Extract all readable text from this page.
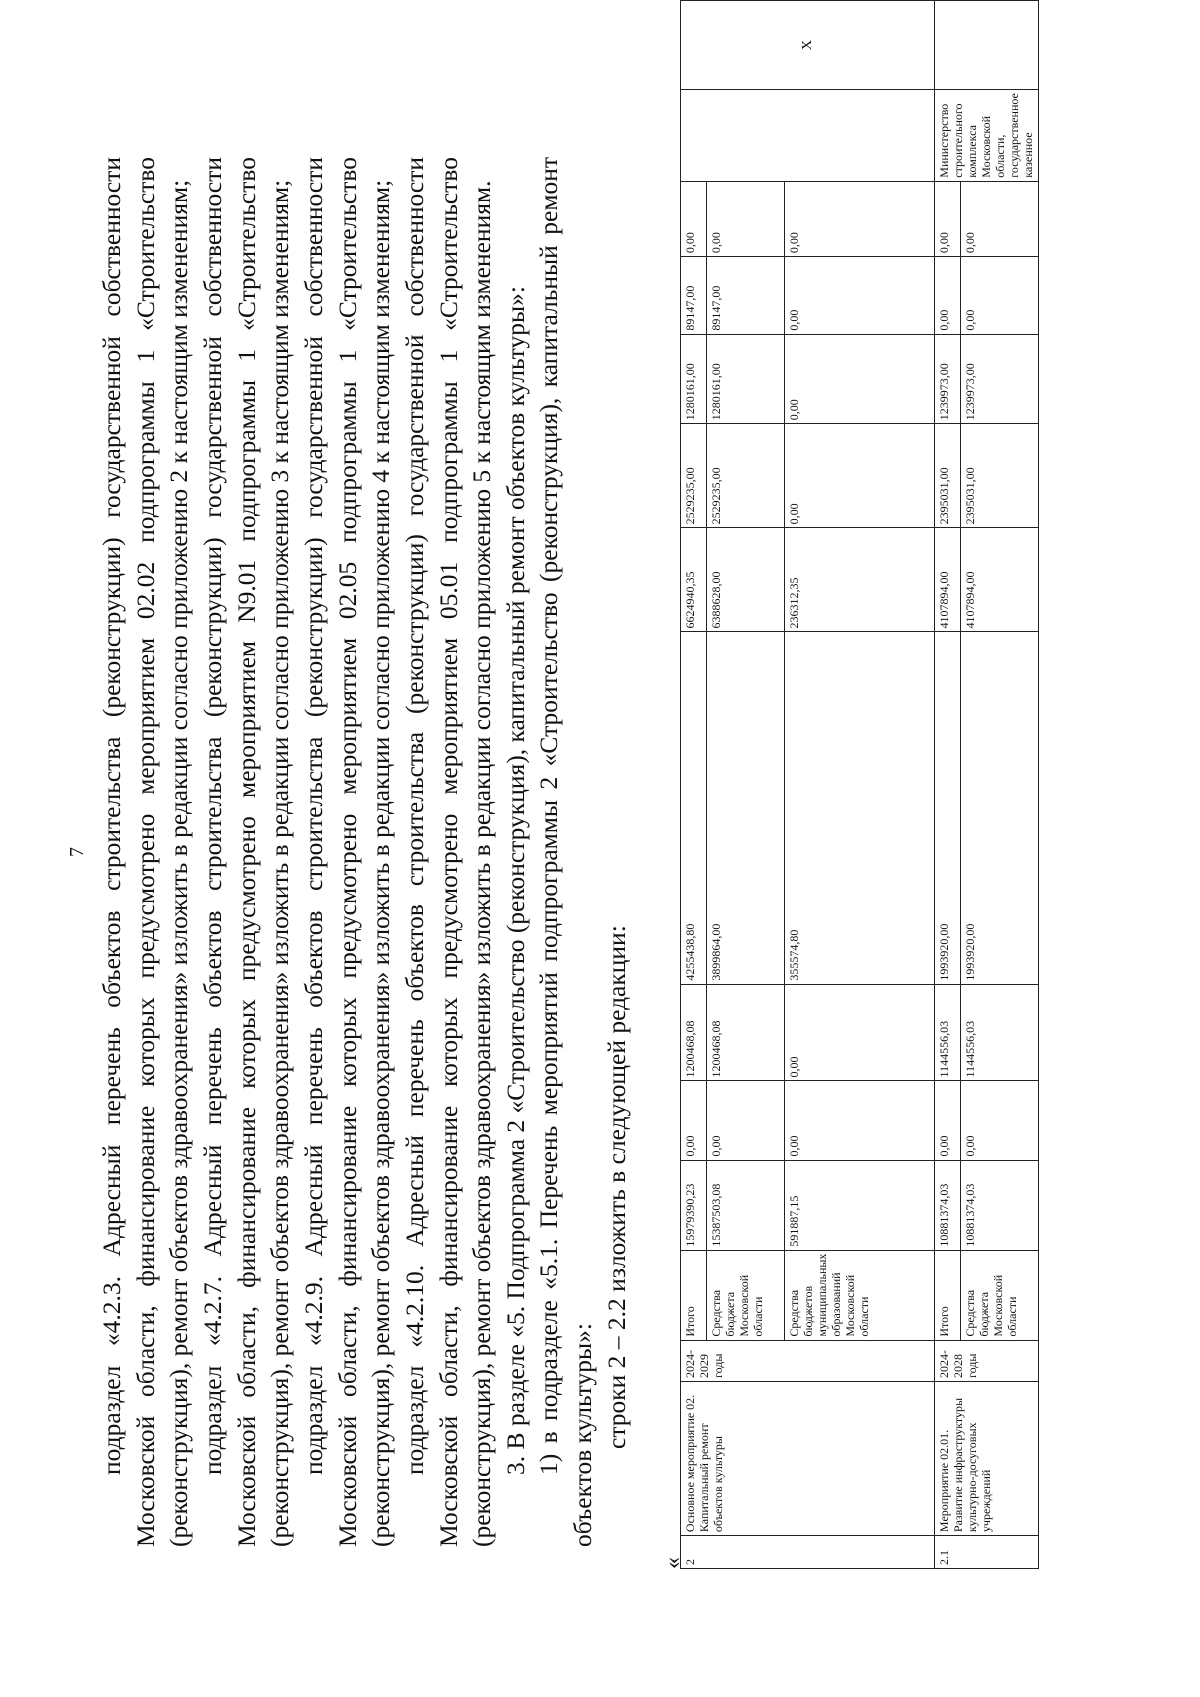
7 подраздел «4.2.3. Адресный перечень объектов строительства (реконструкции) государственной собственности Московской области, финансирование которых предусмотрено мероприятием 02.02 подпрограммы 1 «Строительство (реконструкция), ремонт объектов здравоохранения» изложить в редакции согласно приложению 2 к настоящим изменениям; подраздел «4.2.7. Адресный перечень объектов строительства (реконструкции) государственной собственности Московской области, финансирование которых предусмотрено мероприятием N9.01 подпрограммы 1 «Строительство (реконструкция), ремонт объектов здравоохранения» изложить в редакции согласно приложению 3 к настоящим изменениям; подраздел «4.2.9. Адресный перечень объектов строительства (реконструкции) государственной собственности Московской области, финансирование которых предусмотрено мероприятием 02.05 подпрограммы 1 «Строительство (реконструкция), ремонт объектов здравоохранения» изложить в редакции согласно приложению 4 к настоящим изменениям; подраздел «4.2.10. Адресный перечень объектов строительства (реконструкции) государственной собственности Московской области, финансирование которых предусмотрено мероприятием 05.01 подпрограммы 1 «Строительство (реконструкция), ремонт объектов здравоохранения» изложить в редакции согласно приложению 5 к настоящим изменениям. 3. В разделе «5. Подпрограмма 2 «Строительство (реконструкция), капитальный ремонт объектов культуры»: 1) в подразделе «5.1. Перечень мероприятий подпрограммы 2 «Строительство (реконструкция), капитальный ремонт объектов культуры»: строки 2 – 2.2 изложить в следующей редакции:
«
2	Основное мероприятие 02. Капитальный ремонт объектов культуры	2024-2029 годы	Итого	15979390,23	0,00	1200468,08	4255438,80	6624940,35	2529235,00	1280161,00	89147,00	0,00		Х
			Средства бюджета Московской области	15387503,08	0,00	1200468,08	3899864,00	6388628,00	2529235,00	1280161,00	89147,00	0,00		
			Средства бюджетов муниципальных образований Московской области	591887,15	0,00	0,00	355574,80	236312,35	0,00	0,00	0,00	0,00		
2.1	Мероприятие 02.01. Развитие инфраструктуры культурно-досуговых учреждений	2024-2028 годы	Итого	10881374,03	0,00	1144556,03	1993920,00	4107894,00	2395031,00	1239973,00	0,00	0,00	Министерство строительного комплекса Московской области, государственное казенное	
			Средства бюджета Московской области	10881374,03	0,00	1144556,03	1993920,00	4107894,00	2395031,00	1239973,00	0,00	0,00		
